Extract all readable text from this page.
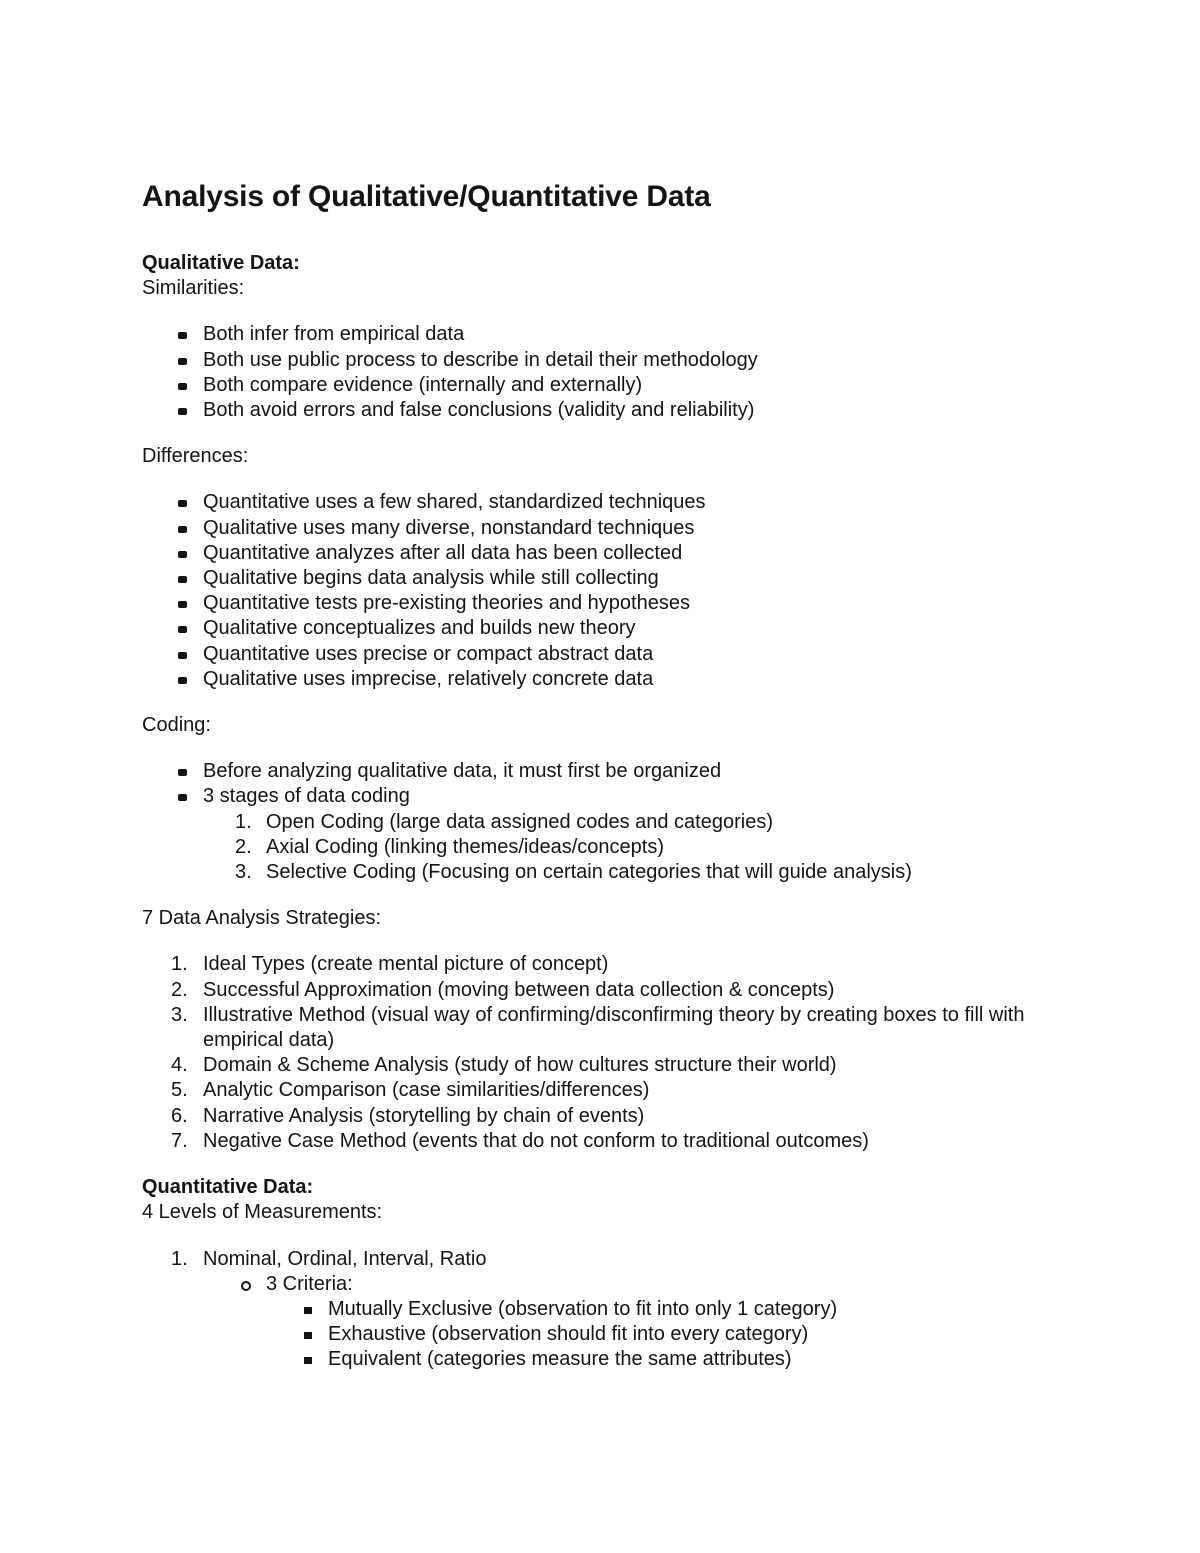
Analysis of Qualitative/Quantitative Data

Qualitative Data:

Similarities:

Both infer from empirical data
Both use public process to describe in detail their methodology
Both compare evidence (internally and externally)
Both avoid errors and false conclusions (validity and reliability)

Differences:

Quantitative uses a few shared, standardized techniques
Qualitative uses many diverse, nonstandard techniques
Quantitative analyzes after all data has been collected
Qualitative begins data analysis while still collecting
Quantitative tests pre-existing theories and hypotheses
Qualitative conceptualizes and builds new theory
Quantitative uses precise or compact abstract data
Qualitative uses imprecise, relatively concrete data

Coding:

Before analyzing qualitative data, it must first be organized
3 stages of data coding
1. Open Coding (large data assigned codes and categories)
2. Axial Coding (linking themes/ideas/concepts)
3. Selective Coding (Focusing on certain categories that will guide analysis)

7 Data Analysis Strategies:

1. Ideal Types (create mental picture of concept)
2. Successful Approximation (moving between data collection & concepts)
3. Illustrative Method (visual way of confirming/disconfirming theory by creating boxes to fill with empirical data)
4. Domain & Scheme Analysis (study of how cultures structure their world)
5. Analytic Comparison (case similarities/differences)
6. Narrative Analysis (storytelling by chain of events)
7. Negative Case Method (events that do not conform to traditional outcomes)

Quantitative Data:

4 Levels of Measurements:

1. Nominal, Ordinal, Interval, Ratio
3 Criteria:
Mutually Exclusive (observation to fit into only 1 category)
Exhaustive (observation should fit into every category)
Equivalent (categories measure the same attributes)
